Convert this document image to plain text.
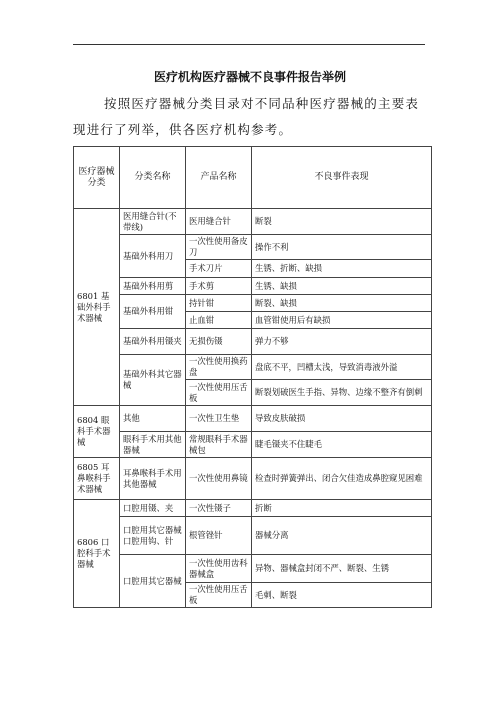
医疗机构医疗器械不良事件报告举例
按照医疗器械分类目录对不同品种医疗器械的主要表
现进行了列举，供各医疗机构参考。
医疗器械分类	分类名称	产品名称	不良事件表现
6801 基础外科手术器械	医用缝合针(不带线)	医用缝合针	断裂
	基础外科用刀	一次性使用备皮刀	操作不利
		手术刀片	生锈、折断、缺损
	基础外科用剪	手术剪	生锈、缺损
	基础外科用钳	持针钳	断裂、缺损
		止血钳	血管钳使用后有缺损
	基础外科用镊夹	无损伤镊	弹力不够
	基础外科其它器械	一次性使用换药盘	盘底不平，凹槽太浅，导致消毒液外溢
		一次性使用压舌板	断裂划破医生手指、异物、边缘不整齐有倒刺
6804 眼科手术器械	其他	一次性卫生垫	导致皮肤破损
	眼科手术用其他器械	常规眼科手术器械包	睫毛镊夹不住睫毛
6805 耳鼻喉科手术器械	耳鼻喉科手术用其他器械	一次性使用鼻镜	检查时弹簧弹出、闭合欠佳造成鼻腔窥见困难
6806 口腔科手术器械	口腔用镊、夹	一次性镊子	折断
	口腔用其它器械口腔用钩、针	根管锉针	器械分离
	口腔用其它器械	一次性使用齿科器械盒	异物、器械盒封闭不严、断裂、生锈
		一次性使用压舌板	毛刺、断裂
